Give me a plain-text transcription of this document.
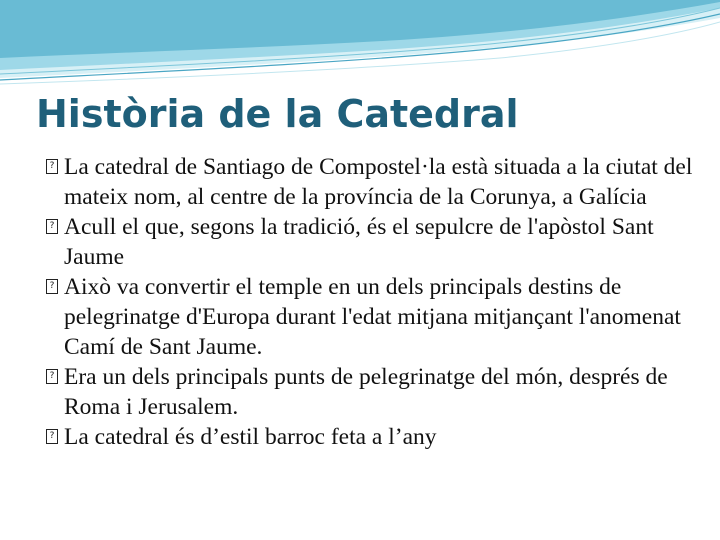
Història de la Catedral
? La catedral de Santiago de Compostel·la està situada a la ciutat del mateix nom, al centre de la província de la Corunya, a Galícia
? Acull el que, segons la tradició, és el sepulcre de l'apòstol Sant Jaume
? Això va convertir el temple en un dels principals destins de pelegrinatge d'Europa durant l'edat mitjana mitjançant l'anomenat Camí de Sant Jaume.
? Era un dels principals punts de pelegrinatge del món, després de Roma i Jerusalem.
? La catedral és d’estil barroc feta a l’any
